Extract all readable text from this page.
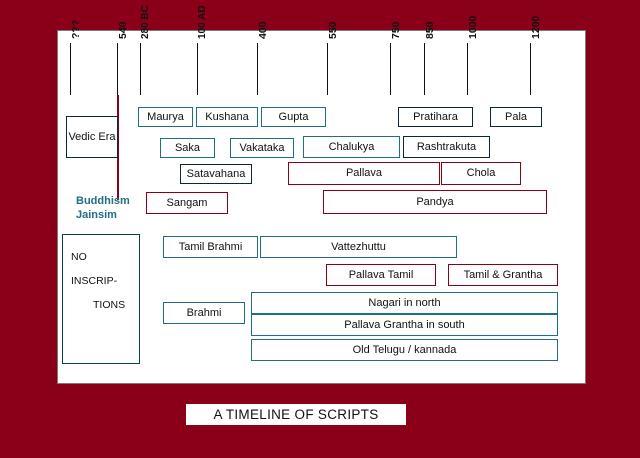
???	540 280 BC	100 AD	400	550	750 850	1000	1200
Vedic Era
Maurya Kushana	Gupta	Pratihara	Pala
Saka	Vakataka	Chalukya	Rashtrakuta
Satavahana	Pallava	Chola
Sangam	Pandya
Buddhism
Jainsim
NO
INSCRIP-
TIONS
Tamil Brahmi	Vattezhuttu
Pallava Tamil	Tamil & Grantha
Brahmi
Nagari in north
Pallava Grantha in south
Old Telugu / kannada
A TIMELINE OF SCRIPTS
